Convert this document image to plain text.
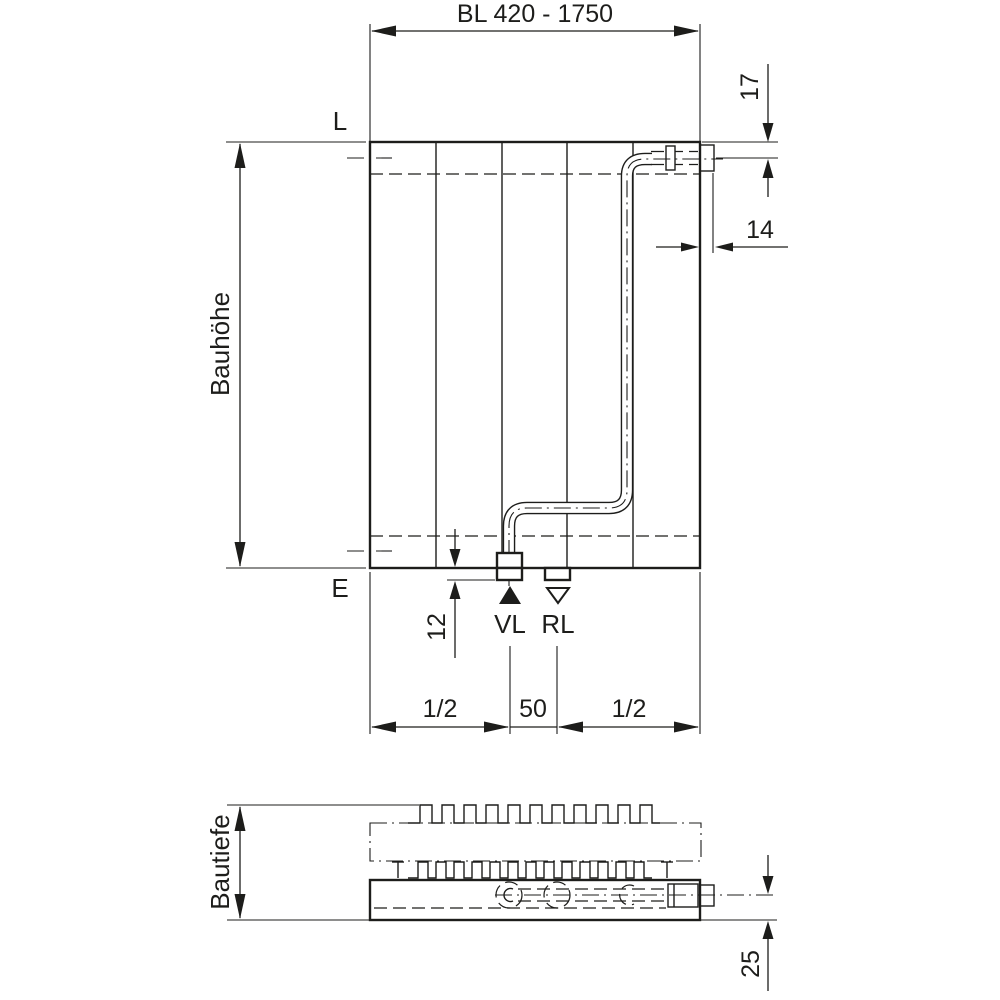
VL RL
L
E
BL 420 - 1750
Bauhöhe
17
14
12
1/2 50	1/2
Bautiefe
25
